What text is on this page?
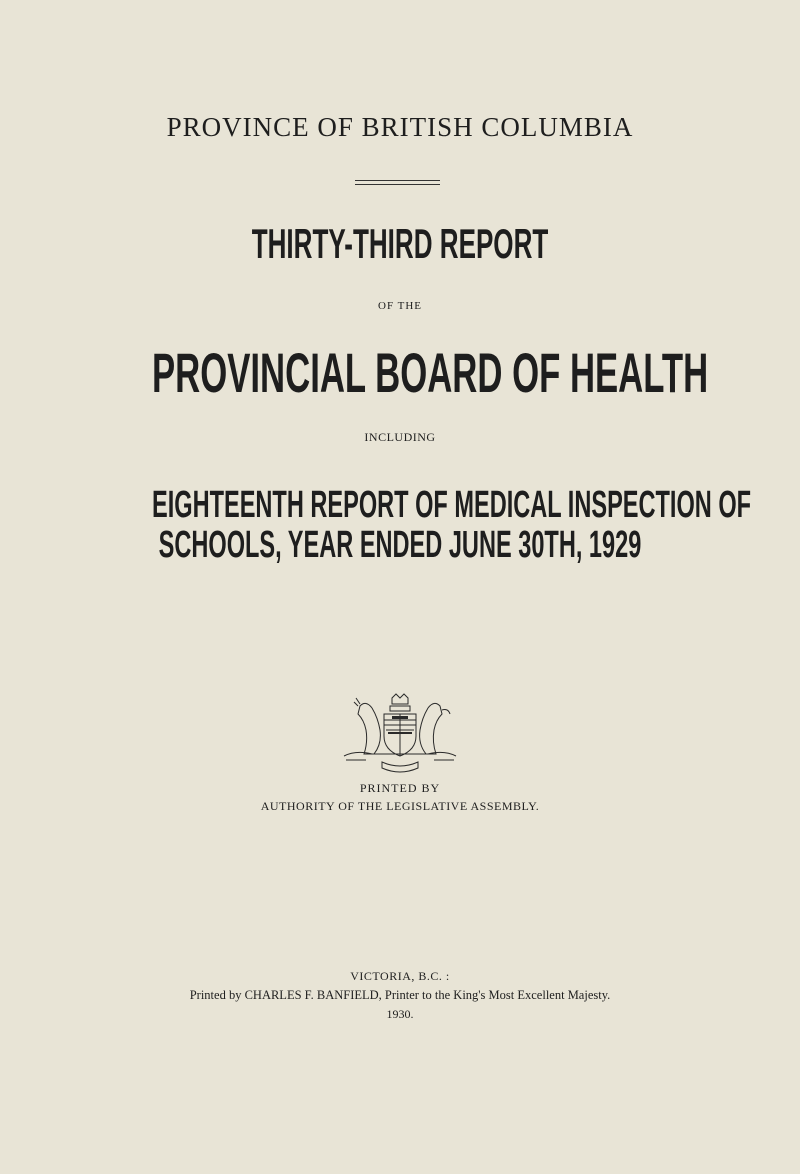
PROVINCE OF BRITISH COLUMBIA
THIRTY-THIRD REPORT
OF THE
PROVINCIAL BOARD OF HEALTH
INCLUDING
EIGHTEENTH REPORT OF MEDICAL INSPECTION OF
SCHOOLS, YEAR ENDED JUNE 30TH, 1929
PRINTED BY
AUTHORITY OF THE LEGISLATIVE ASSEMBLY.
VICTORIA, B.C. :
Printed by CHARLES F. BANFIELD, Printer to the King's Most Excellent Majesty.
1930.
